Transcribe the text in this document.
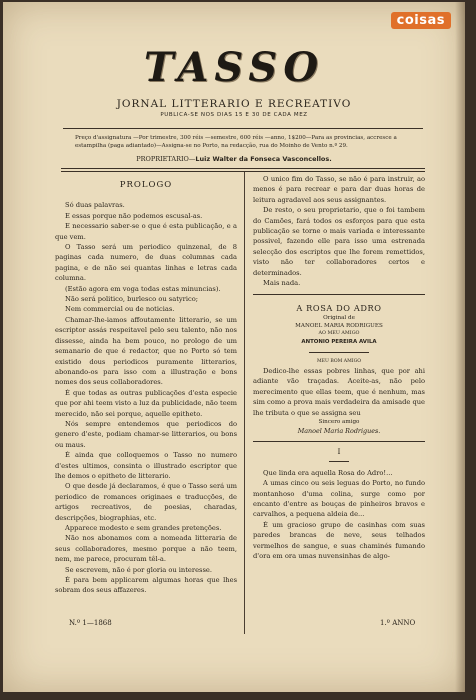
coisas
TASSO
JORNAL LITTERARIO E RECREATIVO
PUBLICA-SE NOS DIAS 15 E 30 DE CADA MEZ
Preço d'assignatura —Por trimestre, 300 réis —semestre, 600 réis —anno, 1$200—Para as provincias, accresce a estampilha (paga adiantado)—Assigna-se no Porto, na redacção, rua do Moinho de Vento n.º 29.
PROPRIETARIO—Luiz Walter da Fonseca Vasconcellos.
PROLOGO

Só duas palavras.

E essas porque não podemos escusal-as.

E necessario saber-se o que é esta publicação, e a que vem.

O Tasso será um periodico quinzenal, de 8 paginas cada numero, de duas columnas cada pagina, e de não sei quantas linhas e letras cada columna.

(Estão agora em voga todas estas minuncias).

Não será politico, burlesco ou satyrico;

Nem commercial ou de noticias.

Chamar-lhe-iamos affoutamente litterario, se um escriptor assás respeitavel pelo seu talento, não nos dissesse, ainda ha bem pouco, no prologo de um semanario de que é redactor, que no Porto só tem existido dous periodicos puramente litterarios, abonando-os para isso com a illustração e bons nomes dos seus collaboradores.

É que todas as outras publicações d'esta especie que por ahi teem visto a luz da publicidade, não teem merecido, não sei porque, aquelle epitheto.

Nós sempre entendemos que periodicos do genero d'este, podiam chamar-se litterarios, ou bons ou maus.

É ainda que colloquemos o Tasso no numero d'estes ultimos, consinta o illustrado escriptor que lhe demos o epitheto de litterario.

O que desde já declaramos, é que o Tasso será um periodico de romances originaes e traducções, de artigos recreativos, de poesias, charadas, descripções, biographias, etc.

Apparece modesto e sem grandes pretenções.

Não nos abonamos com a nomeada litteraria de seus collaboradores, mesmo porque a não teem, nem, me parece, procuram têl-a.

Se escrevem, não é por gloria ou interesse.

É para bem applicarem algumas horas que lhes sobram dos seus affazeres.

O unico fim do Tasso, se não é para instruir, ao menos é para recrear e para dar duas horas de leitura agradavel aos seus assignantes.

De resto, o seu proprietario, que o foi tambem do Camões, fará todos os esforços para que esta publicação se torne o mais variada e interessante possivel, fazendo elle para isso uma estrenada selecção dos escriptos que lhe forem remettidos, visto não ter collaboradores certos e determinados.

Mais nada.

A ROSA DO ADRO
Original de
MANOEL MARIA RODRIGUES
AO MEU AMIGO
ANTONIO PEREIRA AVILA
MEU BOM AMIGO

Dedico-lhe essas pobres linhas, que por ahi adiante vão traçadas. Aceite-as, não pelo merecimento que ellas teem, que é nenhum, mas sim como a prova mais verdadeira da amisade que lhe tributa o que se assigna seu

Sincero amigo
Manoel Maria Rodrigues.
I

Que linda era aquella Rosa do Adro!...

A umas cinco ou seis leguas do Porto, no fundo montanhoso d'uma colina, surge como por encanto d'entre as bouças de pinheiros bravos e carvalhos, a pequena aldeia de...

É um gracioso grupo de casinhas com suas paredes brancas de neve, seus telhados vermelhos de sangue, e suas chaminés fumando d'ora em ora umas nuvensinhas de algo-

N.º 1—1868	1.º ANNO
